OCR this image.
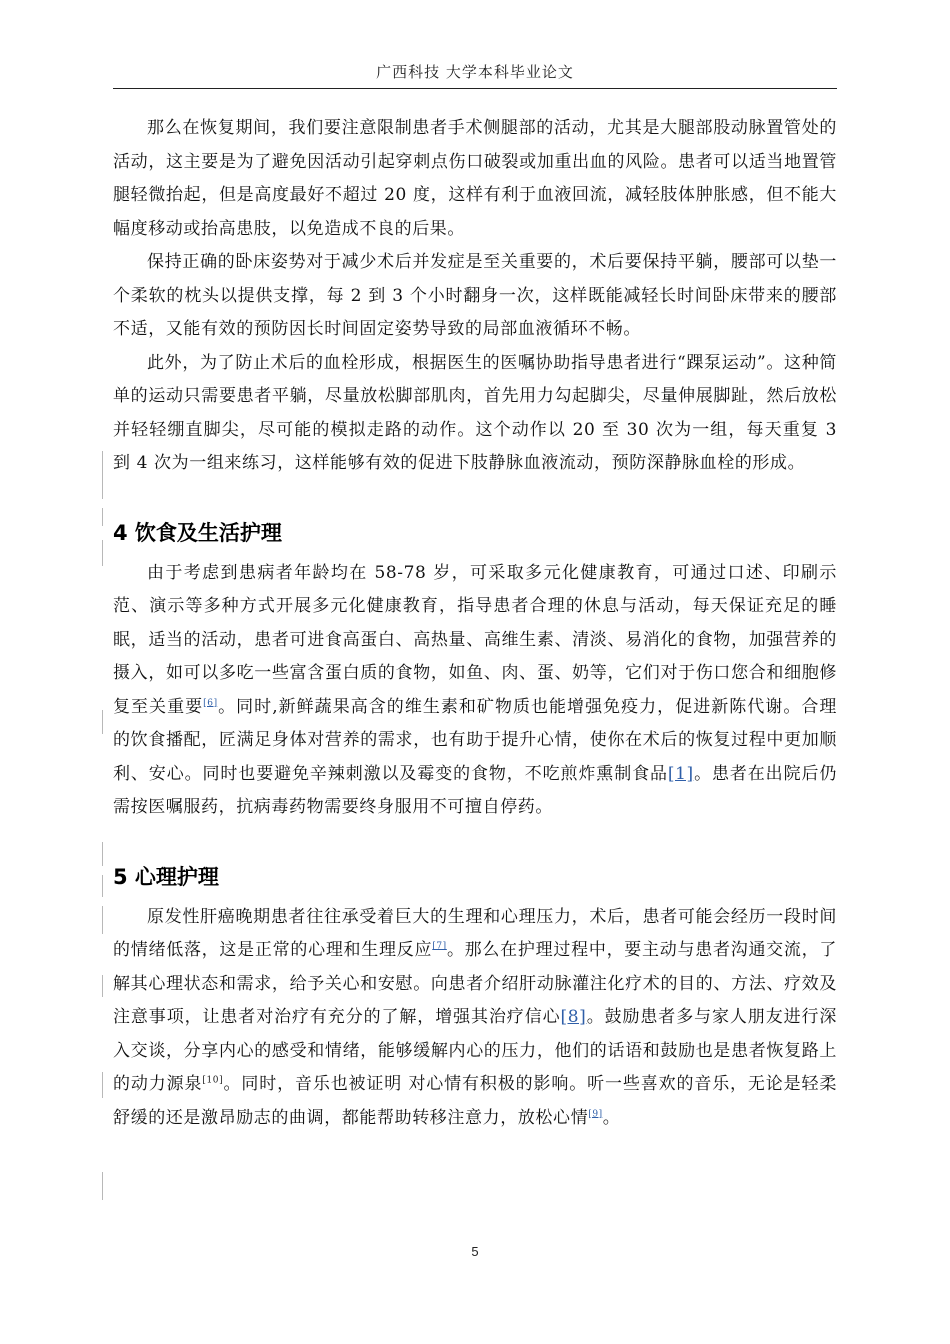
广西科技 大学本科毕业论文

那么在恢复期间，我们要注意限制患者手术侧腿部的活动，尤其是大腿部股动脉置管处的活动，这主要是为了避免因活动引起穿刺点伤口破裂或加重出血的风险。患者可以适当地置管腿轻微抬起，但是高度最好不超过 20 度，这样有利于血液回流，减轻肢体肿胀感，但不能大幅度移动或抬高患肢，以免造成不良的后果。

保持正确的卧床姿势对于减少术后并发症是至关重要的，术后要保持平躺，腰部可以垫一个柔软的枕头以提供支撑，每 2 到 3 个小时翻身一次，这样既能减轻长时间卧床带来的腰部不适，又能有效的预防因长时间固定姿势导致的局部血液循环不畅。

此外，为了防止术后的血栓形成，根据医生的医嘱协助指导患者进行“踝泵运动”。这种简单的运动只需要患者平躺，尽量放松脚部肌肉，首先用力勾起脚尖，尽量伸展脚趾，然后放松并轻轻绷直脚尖，尽可能的模拟走路的动作。这个动作以 20 至 30 次为一组，每天重复 3 到 4 次为一组来练习，这样能够有效的促进下肢静脉血液流动，预防深静脉血栓的形成。

4 饮食及生活护理

由于考虑到患病者年龄均在 58-78 岁，可采取多元化健康教育，可通过口述、印刷示范、演示等多种方式开展多元化健康教育，指导患者合理的休息与活动，每天保证充足的睡眠，适当的活动，患者可进食高蛋白、高热量、高维生素、清淡、易消化的食物，加强营养的摄入，如可以多吃一些富含蛋白质的食物，如鱼、肉、蛋、奶等，它们对于伤口您合和细胞修复至关重要[6]。同时,新鲜蔬果高含的维生素和矿物质也能增强免疫力，促进新陈代谢。合理的饮食播配，匠满足身体对营养的需求，也有助于提升心情，使你在术后的恢复过程中更加顺利、安心。同时也要避免辛辣刺激以及霉变的食物，不吃煎炸熏制食品[1]。患者在出院后仍需按医嘱服药，抗病毒药物需要终身服用不可擅自停药。

5 心理护理

原发性肝癌晚期患者往往承受着巨大的生理和心理压力，术后，患者可能会经历一段时间的情绪低落，这是正常的心理和生理反应[7]。那么在护理过程中，要主动与患者沟通交流，了解其心理状态和需求，给予关心和安慰。向患者介绍肝动脉灌注化疗术的目的、方法、疗效及注意事项，让患者对治疗有充分的了解，增强其治疗信心[8]。鼓励患者多与家人朋友进行深入交谈，分享内心的感受和情绪，能够缓解内心的压力，他们的话语和鼓励也是患者恢复路上的动力源泉[10]。同时，音乐也被证明 对心情有积极的影响。听一些喜欢的音乐，无论是轻柔舒缓的还是激昂励志的曲调，都能帮助转移注意力，放松心情[9]。

5
